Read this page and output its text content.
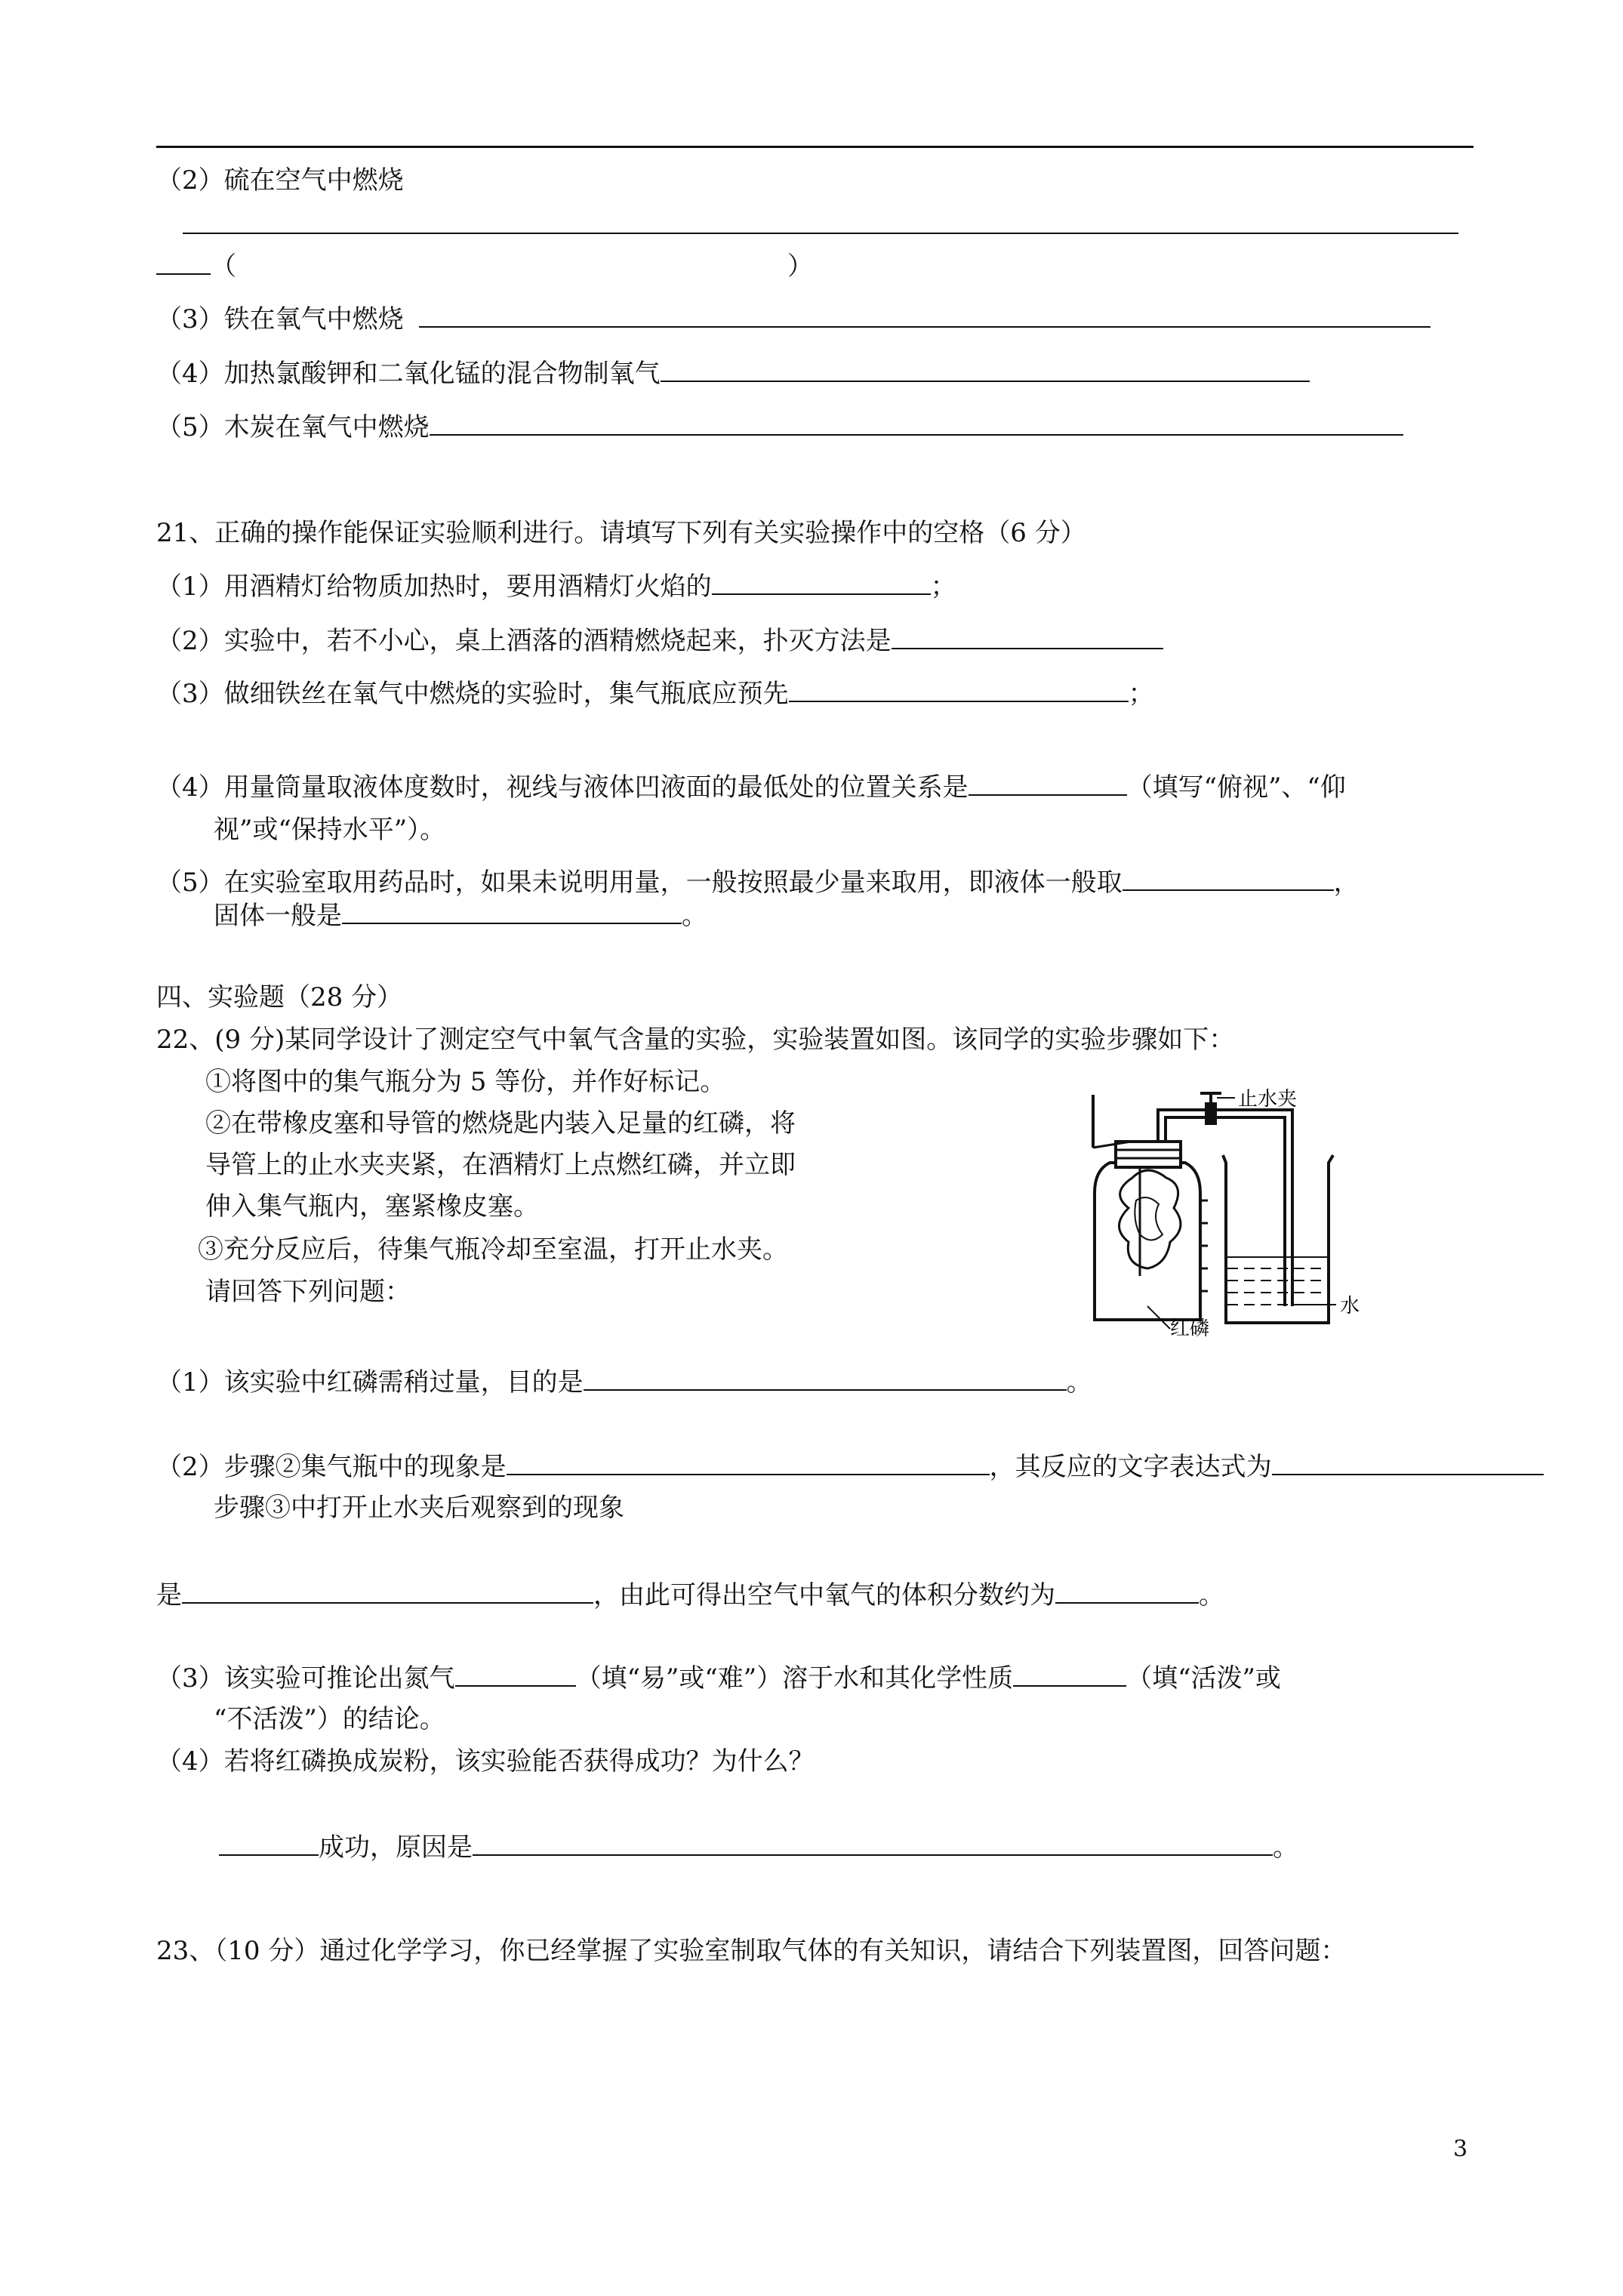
（2）硫在空气中燃烧
（	）
（3）铁在氧气中燃烧
（4）加热氯酸钾和二氧化锰的混合物制氧气
（5）木炭在氧气中燃烧
21、正确的操作能保证实验顺利进行。请填写下列有关实验操作中的空格（6 分）
（1）用酒精灯给物质加热时，要用酒精灯火焰的	；
（2）实验中，若不小心，桌上酒落的酒精燃烧起来，扑灭方法是
（3）做细铁丝在氧气中燃烧的实验时，集气瓶底应预先	；
（4）用量筒量取液体度数时，视线与液体凹液面的最低处的位置关系是	（填写“俯视”、“仰
视”或“保持水平”）。
（5）在实验室取用药品时，如果未说明用量，一般按照最少量来取用，即液体一般取	，
固体一般是	。
四、实验题（28 分）
22、(9 分)某同学设计了测定空气中氧气含量的实验，实验装置如图。该同学的实验步骤如下：
①将图中的集气瓶分为 5 等份，并作好标记。
②在带橡皮塞和导管的燃烧匙内装入足量的红磷，将
导管上的止水夹夹紧，在酒精灯上点燃红磷，并立即
伸入集气瓶内，塞紧橡皮塞。
③充分反应后，待集气瓶冷却至室温，打开止水夹。
请回答下列问题：
止水夹
水
红磷
（1）该实验中红磷需稍过量，目的是	。
（2）步骤②集气瓶中的现象是	，其反应的文字表达式为
步骤③中打开止水夹后观察到的现象
是	，由此可得出空气中氧气的体积分数约为	。
（3）该实验可推论出氮气	（填“易”或“难”）溶于水和其化学性质	（填“活泼”或
“不活泼”）的结论。
（4）若将红磷换成炭粉，该实验能否获得成功？为什么？
成功，原因是	。
23、（10 分）通过化学学习，你已经掌握了实验室制取气体的有关知识，请结合下列装置图，回答问题：
3
